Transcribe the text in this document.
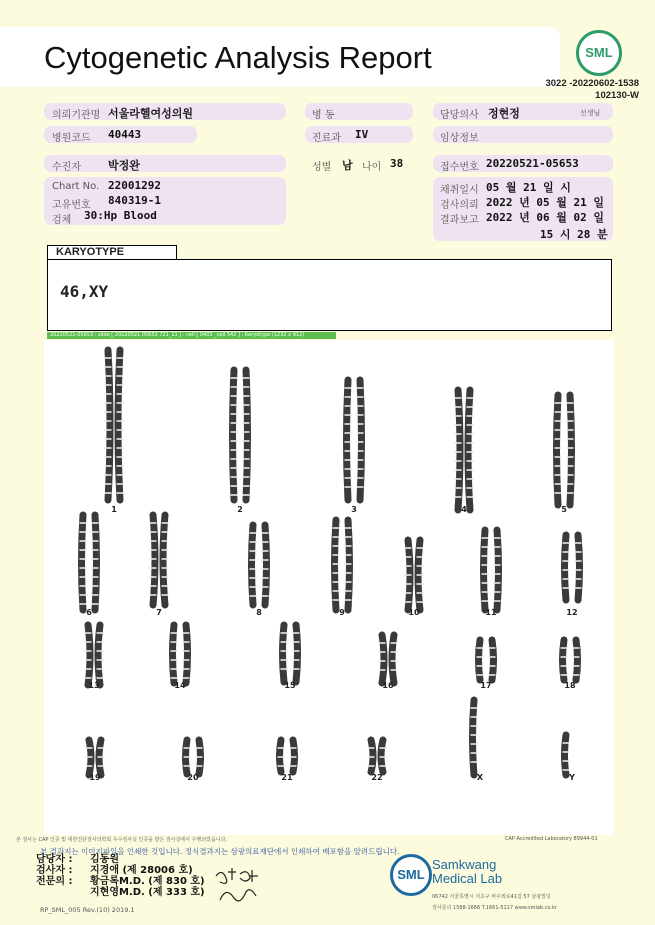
Cytogenetic Analysis Report	SML
3022 -20220602-1538
102130-W
의뢰기관명 서울라헬여성의원	병 동	담당의사 정현정	선생님
병원코드 40443	진료과 IV	임상정보
수진자 박정완	성별 남 나이 38	접수번호 20220521-05653
Chart No. 22001292
고유번호 840319-1
검체 30:Hp Blood
채취일시 05 월 21 일 시
검사의뢰 2022 년 05 월 21 일
결과보고 2022 년 06 월 02 일
15 시 28 분
KARYOTYPE
46,XY
20220521-05653 : slide [ 20220521 05653 721_11 ] : cell [ 0403 _cell 542 ] : Karyotype (1232 x 912)
1	2	3	4	5
6	7	8	9	10	11	12
13	14	15	16	17	18
19	20	21	22	X	Y
본 검사는 CAP 인증 및 대한진단검사의학회 우수검사실 인증을 받은 검사실에서 수행되었습니다.	CAP Accredited Laboratory 89944-01
본 결과지는 이미지파일을 인쇄한 것입니다. 정식결과지는 삼광의료재단에서 인쇄하여 배포함을 알려드립니다.
담당자 : 김동원
검사자 : 지경애 (제 28006 호)
전문의 : 황금록M.D. (제 830 호)
지현영M.D. (제 333 호)
RP_SML_005 Rev.(10) 2019.1
SML
Samkwang
Medical Lab
06742 서울특별시 서초구 바우뫼로41길 57 삼광빌딩
검사문의 1588-1666 T.1661-5117 www.smlab.co.kr
